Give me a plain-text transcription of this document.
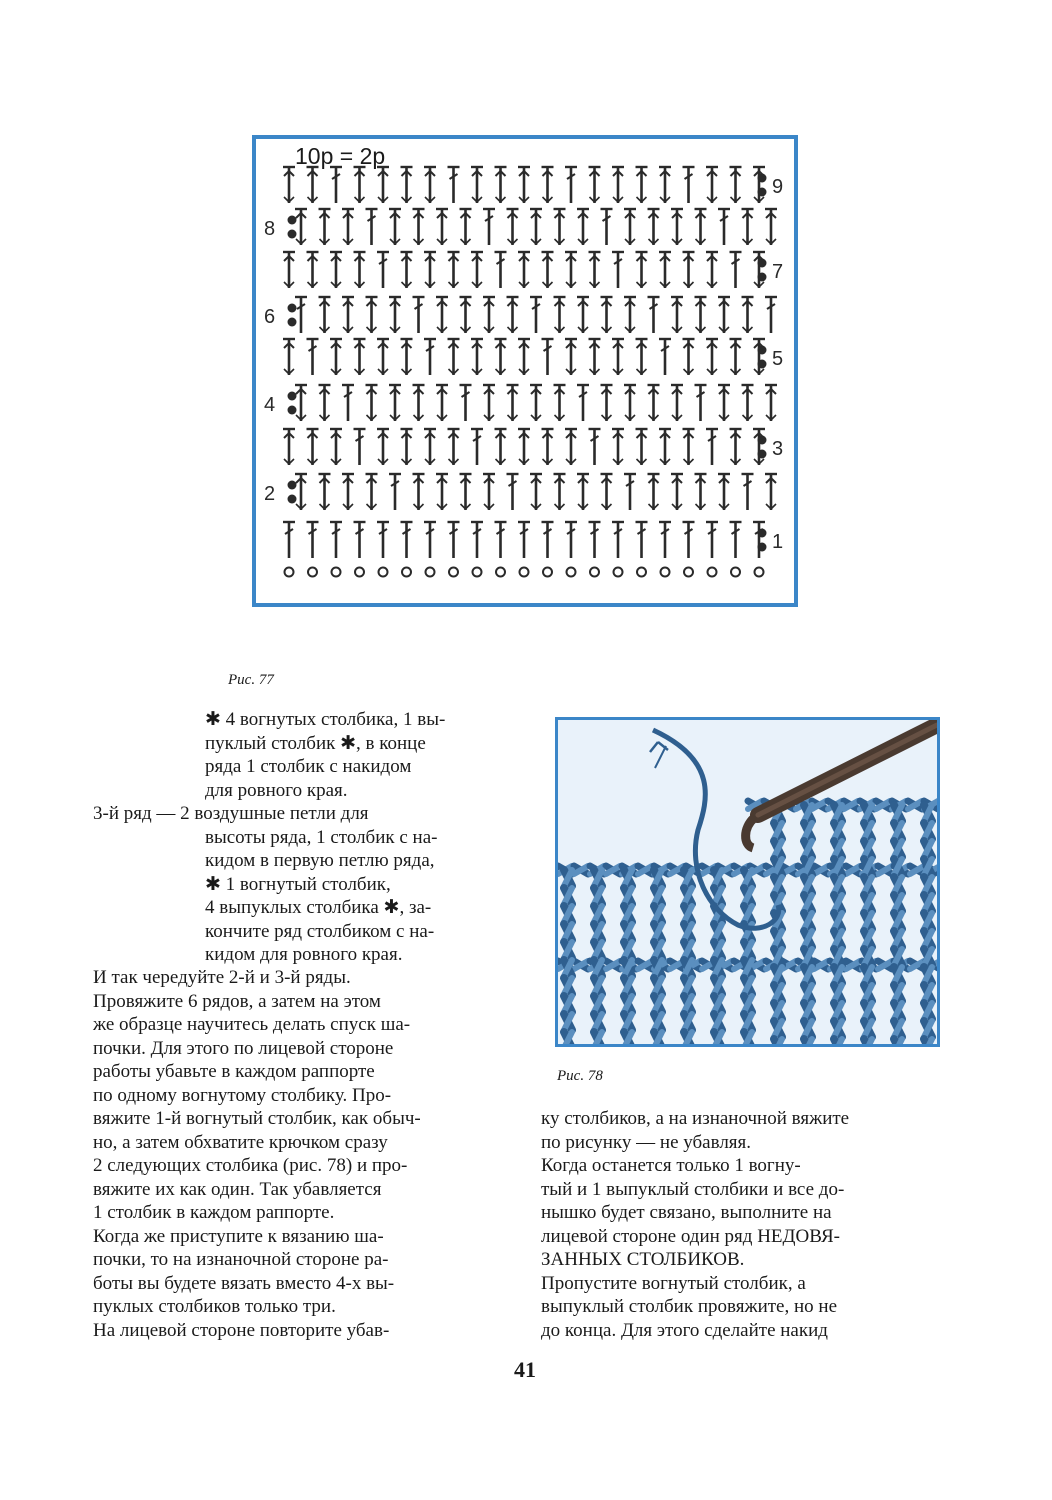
1
2
3
4
5
6
7
8
9
10р = 2р
Рис. 77
✱ 4 вогнутых столбика, 1 вы-
пуклый столбик ✱, в конце
ряда 1 столбик с накидом
для ровного края.
3-й ряд — 2 воздушные петли для
высоты ряда, 1 столбик с на-
кидом в первую петлю ряда,
✱ 1 вогнутый столбик,
4 выпуклых столбика ✱, за-
кончите ряд столбиком с на-
кидом для ровного края.
И так чередуйте 2-й и 3-й ряды.
Провяжите 6 рядов, а затем на этом
же образце научитесь делать спуск ша-
почки. Для этого по лицевой стороне
работы убавьте в каждом раппорте
по одному вогнутому столбику. Про-
вяжите 1-й вогнутый столбик, как обыч-
но, а затем обхватите крючком сразу
2 следующих столбика (рис. 78) и про-
вяжите их как один. Так убавляется
1 столбик в каждом раппорте.
Когда же приступите к вязанию ша-
почки, то на изнаночной стороне ра-
боты вы будете вязать вместо 4-х вы-
пуклых столбиков только три.
На лицевой стороне повторите убав-
Рис. 78
ку столбиков, а на изнаночной вяжите
по рисунку — не убавляя.
Когда останется только 1 вогну-
тый и 1 выпуклый столбики и все до-
нышко будет связано, выполните на
лицевой стороне один ряд НЕДОВЯ-
ЗАННЫХ СТОЛБИКОВ.
Пропустите вогнутый столбик, а
выпуклый столбик провяжите, но не
до конца. Для этого сделайте накид
41
